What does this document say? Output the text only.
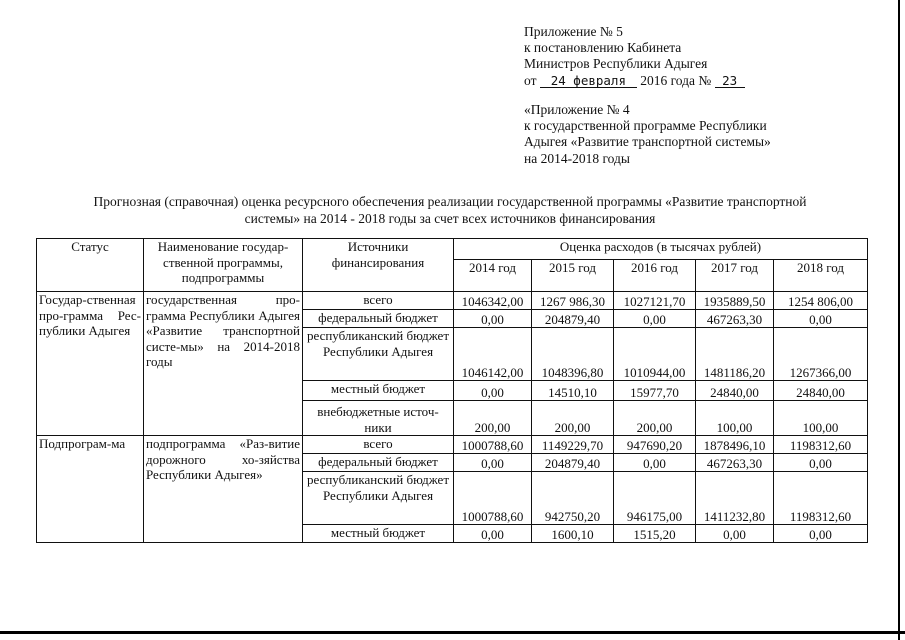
Приложение № 5
к постановлению Кабинета
Министров Республики Адыгея
от 24 февраля 2016 года № 23
«Приложение № 4
к государственной программе Республики
Адыгея «Развитие транспортной системы»
на 2014-2018 годы
Прогнозная (справочная) оценка ресурсного обеспечения реализации государственной программы «Развитие транспортной
системы» на 2014 - 2018 годы за счет всех источников финансирования
Статус	Наименование государ-ственной программы, подпрограммы	Источники финансирования	Оценка расходов (в тысячах рублей)				
			2014 год	2015 год	2016 год	2017 год	2018 год
Государ-ственная про-грамма Рес-публики Адыгея	государственная про-грамма Республики Адыгея «Развитие транспортной систе-мы» на 2014-2018 годы	всего	1046342,00	1267 986,30	1027121,70	1935889,50	1254 806,00
		федеральный бюджет	0,00	204879,40	0,00	467263,30	0,00
		республиканский бюджет Республики Адыгея	1046142,00	1048396,80	1010944,00	1481186,20	1267366,00
		местный бюджет	0,00	14510,10	15977,70	24840,00	24840,00
		внебюджетные источ-ники	200,00	200,00	200,00	100,00	100,00
Подпрограм-ма	подпрограмма «Раз-витие дорожного хо-зяйства Республики Адыгея»	всего	1000788,60	1149229,70	947690,20	1878496,10	1198312,60
		федеральный бюджет	0,00	204879,40	0,00	467263,30	0,00
		республиканский бюджет Республики Адыгея	1000788,60	942750,20	946175,00	1411232,80	1198312,60
		местный бюджет	0,00	1600,10	1515,20	0,00	0,00
